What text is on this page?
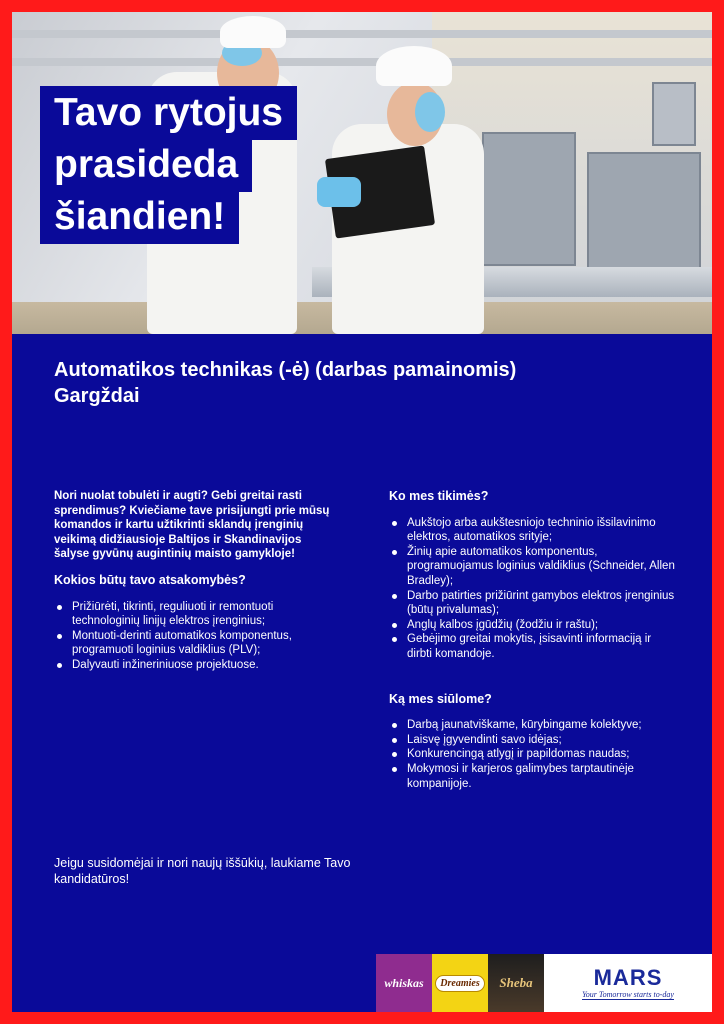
Tavo rytojus
prasideda
šiandien!
Automatikos technikas (-ė) (darbas pamainomis)
Gargždai

Nori nuolat tobulėti ir augti? Gebi greitai rasti sprendimus? Kviečiame tave prisijungti prie mūsų komandos ir kartu užtikrinti sklandų įrenginių veikimą didžiausioje Baltijos ir Skandinavijos šalyse gyvūnų augintinių maisto gamykloje!

Kokios būtų tavo atsakomybės?

Prižiūrėti, tikrinti, reguliuoti ir remontuoti technologinių linijų elektros įrenginius;
Montuoti-derinti automatikos komponentus, programuoti loginius valdiklius (PLV);
Dalyvauti inžineriniuose projektuose.

Ko mes tikimės?

Aukštojo arba aukštesniojo techninio išsilavinimo elektros, automatikos srityje;
Žinių apie automatikos komponentus, programuojamus loginius valdiklius (Schneider, Allen Bradley);
Darbo patirties prižiūrint gamybos elektros įrenginius (būtų privalumas);
Anglų kalbos įgūdžių (žodžiu ir raštu);
Gebėjimo greitai mokytis, įsisavinti informaciją ir dirbti komandoje.

Ką mes siūlome?

Darbą jaunatviškame, kūrybingame kolektyve;
Laisvę įgyvendinti savo idėjas;
Konkurencingą atlygį ir papildomas naudas;
Mokymosi ir karjeros galimybes tarptautinėje kompanijoje.
Jeigu susidomėjai ir nori naujų iššūkių, laukiame Tavo kandidatūros!
whiskas	Dreamies	Sheba	MARS
Your Tomorrow starts to-day
